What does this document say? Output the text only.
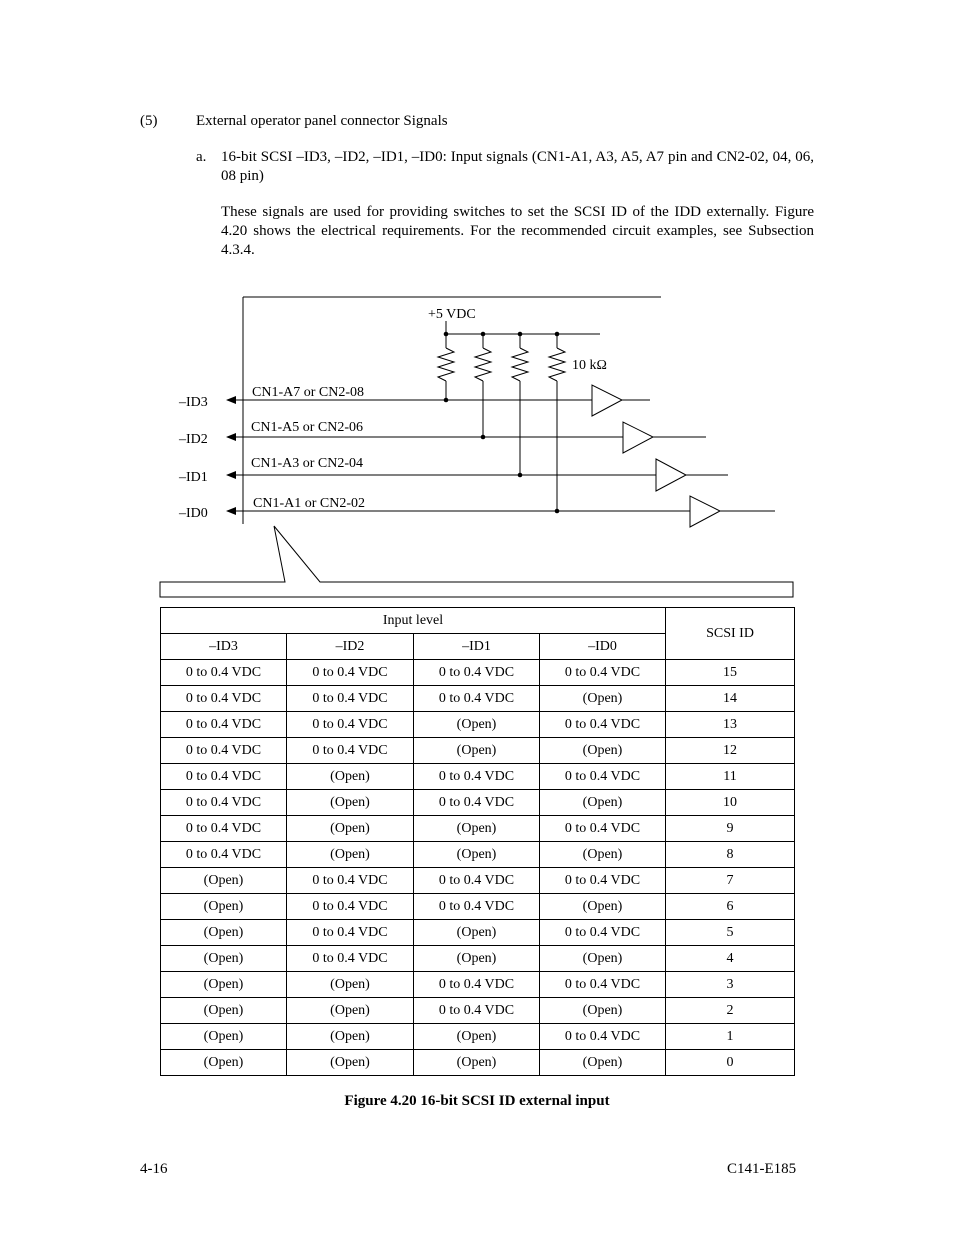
(5)	External operator panel connector Signals
a. 16-bit SCSI –ID3, –ID2, –ID1, –ID0: Input signals (CN1-A1, A3, A5, A7 pin and CN2-02, 04, 06, 08 pin)
These signals are used for providing switches to set the SCSI ID of the IDD externally. Figure 4.20 shows the electrical requirements. For the recommended circuit examples, see Subsection 4.3.4.
+5 VDC
10 kΩ
–ID3
–ID2
–ID1
–ID0
CN1-A7 or CN2-08
CN1-A5 or CN2-06
CN1-A3 or CN2-04
CN1-A1 or CN2-02
Input level				SCSI ID
–ID3	–ID2	–ID1	–ID0	
0 to 0.4 VDC	0 to 0.4 VDC	0 to 0.4 VDC	0 to 0.4 VDC	15
0 to 0.4 VDC	0 to 0.4 VDC	0 to 0.4 VDC	(Open)	14
0 to 0.4 VDC	0 to 0.4 VDC	(Open)	0 to 0.4 VDC	13
0 to 0.4 VDC	0 to 0.4 VDC	(Open)	(Open)	12
0 to 0.4 VDC	(Open)	0 to 0.4 VDC	0 to 0.4 VDC	11
0 to 0.4 VDC	(Open)	0 to 0.4 VDC	(Open)	10
0 to 0.4 VDC	(Open)	(Open)	0 to 0.4 VDC	9
0 to 0.4 VDC	(Open)	(Open)	(Open)	8
(Open)	0 to 0.4 VDC	0 to 0.4 VDC	0 to 0.4 VDC	7
(Open)	0 to 0.4 VDC	0 to 0.4 VDC	(Open)	6
(Open)	0 to 0.4 VDC	(Open)	0 to 0.4 VDC	5
(Open)	0 to 0.4 VDC	(Open)	(Open)	4
(Open)	(Open)	0 to 0.4 VDC	0 to 0.4 VDC	3
(Open)	(Open)	0 to 0.4 VDC	(Open)	2
(Open)	(Open)	(Open)	0 to 0.4 VDC	1
(Open)	(Open)	(Open)	(Open)	0
Figure 4.20 16-bit SCSI ID external input
4-16	C141-E185
